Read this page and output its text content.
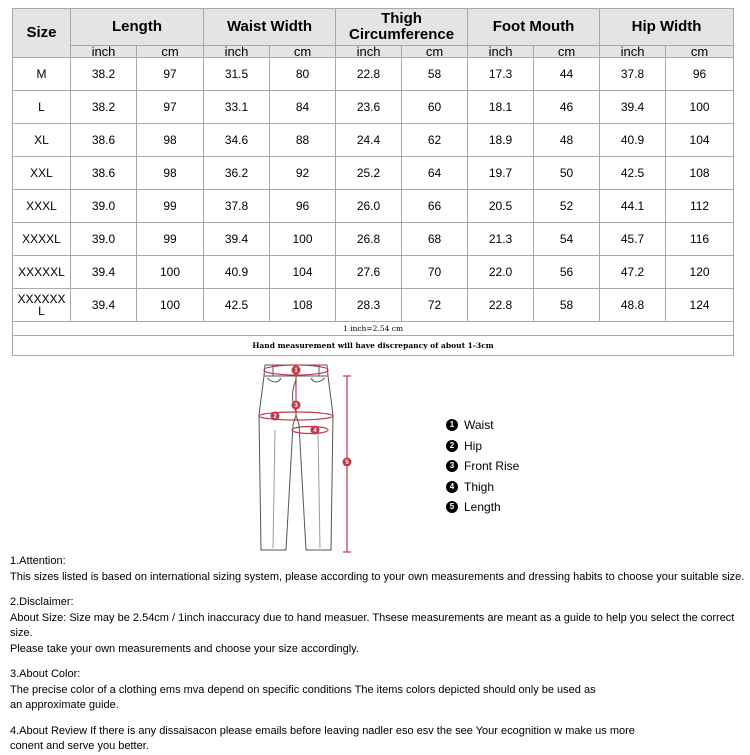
Size	Length		Waist Width		Thigh
Circumference		Foot Mouth		Hip Width	
	inch	cm	inch	cm	inch	cm	inch	cm	inch	cm
M	38.2	97	31.5	80	22.8	58	17.3	44	37.8	96
L	38.2	97	33.1	84	23.6	60	18.1	46	39.4	100
XL	38.6	98	34.6	88	24.4	62	18.9	48	40.9	104
XXL	38.6	98	36.2	92	25.2	64	19.7	50	42.5	108
XXXL	39.0	99	37.8	96	26.0	66	20.5	52	44.1	112
XXXXL	39.0	99	39.4	100	26.8	68	21.3	54	45.7	116
XXXXXL	39.4	100	40.9	104	27.6	70	22.0	56	47.2	120
XXXXXX L	39.4	100	42.5	108	28.3	72	22.8	58	48.8	124
1 inch=2.54 cm										
Hand measurement will have discrepancy of about 1-3cm										
1
2
3
4
5
1 Waist
2 Hip
3 Front Rise
4 Thigh
5 Length

1.Attention:

This sizes listed is based on international sizing system, please according to your own measurements and dressing habits to choose your suitable size.

2.Disclaimer:

About Size: Size may be 2.54cm / 1inch inaccuracy due to hand measuer. Thsese measurements are meant as a guide to help you select the correct size.

Please take your own measurements and choose your size accordingly.

3.About Color:

The precise color of a clothing ems mva depend on specific conditions The items colors depicted should only be used as

an approximate guide.

4.About Review If there is any dissaisacon please emails before leaving nadler eso esv the see Your ecognition w make us more

conent and serve you better.
